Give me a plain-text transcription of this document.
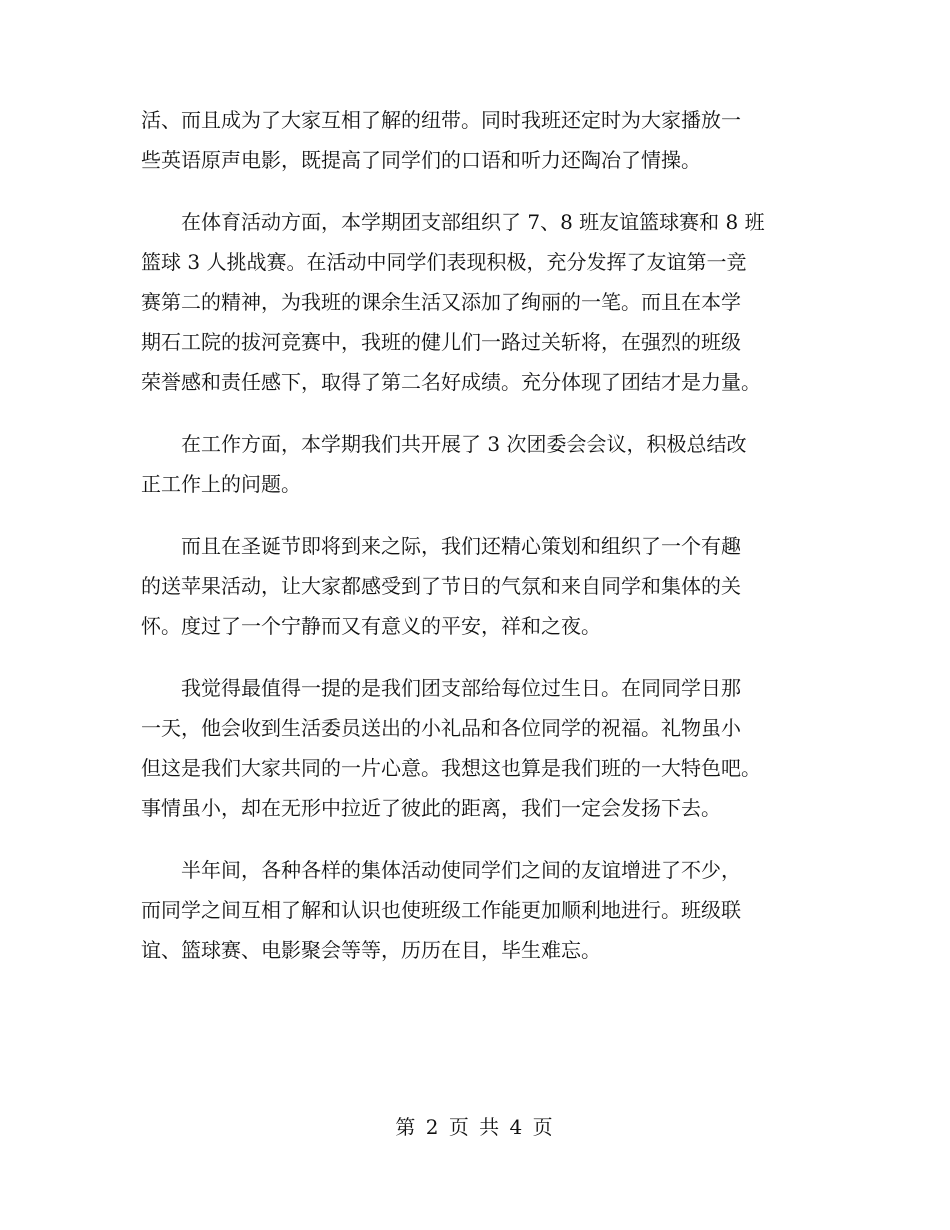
活、而且成为了大家互相了解的纽带。同时我班还定时为大家播放一
些英语原声电影，既提高了同学们的口语和听力还陶冶了情操。

　　在体育活动方面，本学期团支部组织了 7、8 班友谊篮球赛和 8 班
篮球 3 人挑战赛。在活动中同学们表现积极，充分发挥了友谊第一竞
赛第二的精神，为我班的课余生活又添加了绚丽的一笔。而且在本学
期石工院的拔河竞赛中，我班的健儿们一路过关斩将，在强烈的班级
荣誉感和责任感下，取得了第二名好成绩。充分体现了团结才是力量。

　　在工作方面，本学期我们共开展了 3 次团委会会议，积极总结改
正工作上的问题。

　　而且在圣诞节即将到来之际，我们还精心策划和组织了一个有趣
的送苹果活动，让大家都感受到了节日的气氛和来自同学和集体的关
怀。度过了一个宁静而又有意义的平安，祥和之夜。

　　我觉得最值得一提的是我们团支部给每位过生日。在同同学日那
一天，他会收到生活委员送出的小礼品和各位同学的祝福。礼物虽小
但这是我们大家共同的一片心意。我想这也算是我们班的一大特色吧。
事情虽小，却在无形中拉近了彼此的距离，我们一定会发扬下去。

　　半年间，各种各样的集体活动使同学们之间的友谊增进了不少，
而同学之间互相了解和认识也使班级工作能更加顺利地进行。班级联
谊、篮球赛、电影聚会等等，历历在目，毕生难忘。

第 2 页 共 4 页
